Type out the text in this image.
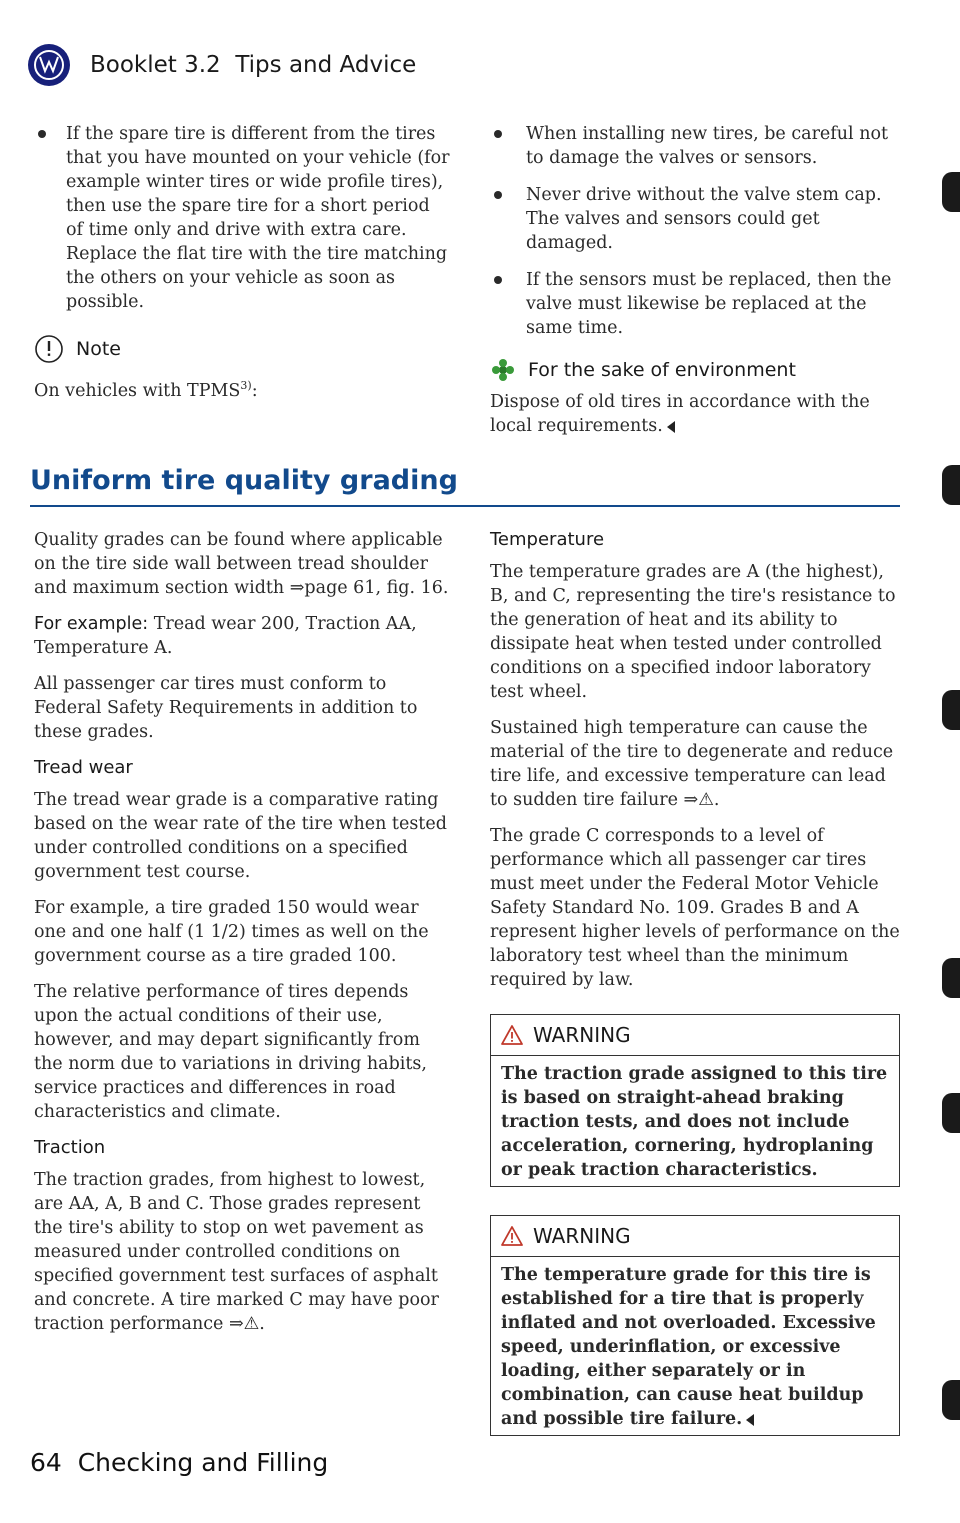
Booklet 3.2 Tips and Advice
If the spare tire is different from the tires that you have mounted on your vehicle (for example winter tires or wide profile tires), then use the spare tire for a short period of time only and drive with extra care. Replace the flat tire with the tire matching the others on your vehicle as soon as possible.
Note
On vehicles with TPMS$^{3)}$:
When installing new tires, be careful not to damage the valves or sensors.
Never drive without the valve stem cap. The valves and sensors could get damaged.
If the sensors must be replaced, then the valve must likewise be replaced at the same time.
For the sake of environment
Dispose of old tires in accordance with the local requirements.
Uniform tire quality grading

Quality grades can be found where applicable on the tire side wall between tread shoulder and maximum section width ⇒page 61, fig. 16.

For example: Tread wear 200, Traction AA, Temperature A.

All passenger car tires must conform to Federal Safety Requirements in addition to these grades.

Tread wear

The tread wear grade is a comparative rating based on the wear rate of the tire when tested under controlled conditions on a specified government test course.

For example, a tire graded 150 would wear one and one half (1 1/2) times as well on the government course as a tire graded 100.

The relative performance of tires depends upon the actual conditions of their use, however, and may depart significantly from the norm due to variations in driving habits, service practices and differences in road characteristics and climate.

Traction

The traction grades, from highest to lowest, are AA, A, B and C. Those grades represent the tire's ability to stop on wet pavement as measured under controlled conditions on specified government test surfaces of asphalt and concrete. A tire marked C may have poor traction performance ⇒⚠.

Temperature

The temperature grades are A (the highest), B, and C, representing the tire's resistance to the generation of heat and its ability to dissipate heat when tested under controlled conditions on a specified indoor laboratory test wheel.

Sustained high temperature can cause the material of the tire to degenerate and reduce tire life, and excessive temperature can lead to sudden tire failure ⇒⚠.

The grade C corresponds to a level of performance which all passenger car tires must meet under the Federal Motor Vehicle Safety Standard No. 109. Grades B and A represent higher levels of performance on the laboratory test wheel than the minimum required by law.

WARNING
The traction grade assigned to this tire is based on straight-ahead braking traction tests, and does not include acceleration, cornering, hydroplaning or peak traction characteristics.
WARNING
The temperature grade for this tire is established for a tire that is properly inflated and not overloaded. Excessive speed, underinflation, or excessive loading, either separately or in combination, can cause heat buildup and possible tire failure.
64 Checking and Filling
